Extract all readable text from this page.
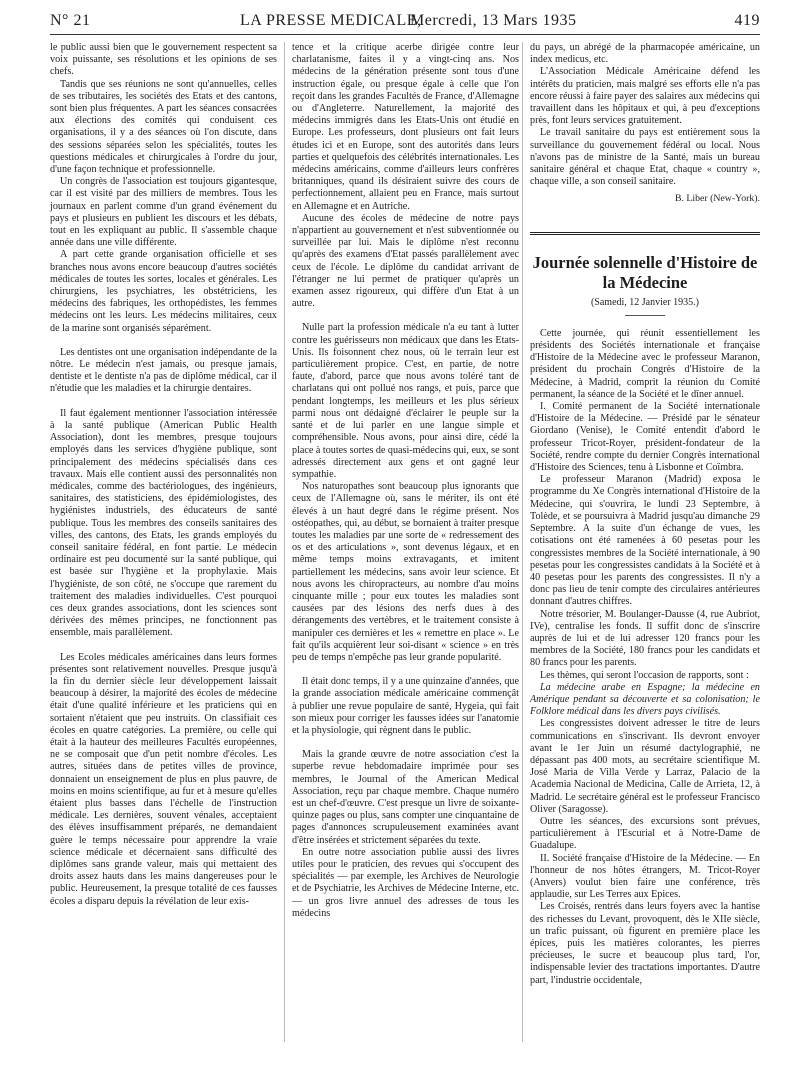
N° 21	LA PRESSE MEDICALE,
Mercredi, 13 Mars 1935	419

le public aussi bien que le gouvernement respectent sa voix puissante, ses résolutions et les opinions de ses chefs.

Tandis que ses réunions ne sont qu'annuelles, celles de ses tributaires, les sociétés des Etats et des cantons, sont bien plus fréquentes. A part les séances consacrées aux élections des comités qui conduisent ces organisations, il y a des séances où l'on discute, dans des sessions séparées selon les spécialités, toutes les questions médicales et chirurgicales à l'ordre du jour, d'une façon technique et professionnelle.

Un congrès de l'association est toujours gigantesque, car il est visité par des milliers de membres. Tous les journaux en parlent comme d'un grand événement du pays et plusieurs en publient les discours et les débats, tout en les expliquant au public. Il s'assemble chaque année dans une ville différente.

A part cette grande organisation officielle et ses branches nous avons encore beaucoup d'autres sociétés médicales de toutes les sortes, locales et générales. Les chirurgiens, les psychiatres, les obstétriciens, les médecins des fabriques, les orthopédistes, les femmes médecins ont les leurs. Les médecins militaires, ceux de la marine sont organisés séparément.

Les dentistes ont une organisation indépendante de la nôtre. Le médecin n'est jamais, ou presque jamais, dentiste et le dentiste n'a pas de diplôme médical, car il n'étudie que les maladies et la chirurgie dentaires.

Il faut également mentionner l'association intéressée à la santé publique (American Public Health Association), dont les membres, presque toujours employés dans les services d'hygiène publique, sont principalement des médecins spécialisés dans ces travaux. Mais elle contient aussi des personnalités non médicales, comme des bactériologues, des ingénieurs, sanitaires, des statisticiens, des épidémiologistes, des hygiénistes industriels, des éducateurs de santé publique. Tous les membres des conseils sanitaires des villes, des cantons, des Etats, les grands employés du conseil sanitaire fédéral, en font partie. Le médecin ordinaire est peu documenté sur la santé publique, qui est basée sur l'hygiène et la prophylaxie. Mais l'hygiéniste, de son côté, ne s'occupe que rarement du traitement des maladies individuelles. C'est pourquoi ces deux grandes associations, dont les sciences sont dérivées des mêmes principes, ne fonctionnent pas ensemble, mais parallèlement.

Les Ecoles médicales américaines dans leurs formes présentes sont relativement nouvelles. Presque jusqu'à la fin du dernier siècle leur développement laissait beaucoup à désirer, la majorité des écoles de médecine était d'une qualité inférieure et les praticiens qui en sortaient n'étaient que peu instruits. On classifiait ces écoles en quatre catégories. La première, ou celle qui était à la hauteur des meilleures Facultés européennes, ne se composait que d'un petit nombre d'écoles. Les autres, situées dans de petites villes de province, donnaient un enseignement de plus en plus pauvre, de moins en moins scientifique, au fur et à mesure qu'elles étaient plus basses dans l'échelle de l'instruction médicale. Les dernières, souvent vénales, acceptaient des élèves insuffisamment préparés, ne demandaient guère le temps nécessaire pour apprendre la vraie science médicale et décernaient sans difficulté des diplômes sans grande valeur, mais qui mettaient des droits assez hauts dans les mains dangereuses pour le public. Heureusement, la presque totalité de ces fausses écoles a disparu depuis la révélation de leur exis-

tence et la critique acerbe dirigée contre leur charlatanisme, faites il y a vingt-cinq ans. Nos médecins de la génération présente sont tous d'une instruction égale, ou presque égale à celle que l'on reçoit dans les grandes Facultés de France, d'Allemagne ou d'Angleterre. Naturellement, la majorité des médecins immigrés dans les Etats-Unis ont étudié en Europe. Les professeurs, dont plusieurs ont fait leurs études ici et en Europe, sont des autorités dans leurs parties et quelquefois des célébrités internationales. Les médecins américains, comme d'ailleurs leurs confrères britanniques, quand ils désiraient suivre des cours de perfectionnement, allaient peu en France, mais surtout en Allemagne et en Autriche.

Aucune des écoles de médecine de notre pays n'appartient au gouvernement et n'est subventionnée ou surveillée par lui. Mais le diplôme n'est reconnu qu'après des examens d'Etat passés parallèlement avec ceux de l'école. Le diplôme du candidat arrivant de l'étranger ne lui permet de pratiquer qu'après un examen assez rigoureux, qui diffère d'un Etat à un autre.

Nulle part la profession médicale n'a eu tant à lutter contre les guérisseurs non médicaux que dans les Etats-Unis. Ils foisonnent chez nous, où le terrain leur est particulièrement propice. C'est, en partie, de notre faute, d'abord, parce que nous avons toléré tant de charlatans qui ont pollué nos rangs, et puis, parce que pendant longtemps, les meilleurs et les plus sérieux parmi nous ont dédaigné d'éclairer le peuple sur la santé et de lui parler en une langue simple et compréhensible. Nous avons, pour ainsi dire, cédé la place à toutes sortes de quasi-médecins qui, eux, se sont adressés directement aux gens et ont gagné leur sympathie.

Nos naturopathes sont beaucoup plus ignorants que ceux de l'Allemagne où, sans le mériter, ils ont été élevés à un haut degré dans le régime présent. Nos ostéopathes, qui, au début, se bornaient à traiter presque toutes les maladies par une sorte de « redressement des os et des articulations », sont devenus légaux, et en même temps moins extravagants, et imitent partiellement les médecins, sans avoir leur science. Et nous avons les chiropracteurs, au nombre d'au moins cinquante mille ; pour eux toutes les maladies sont causées par des lésions des nerfs dues à des dérangements des vertèbres, et le traitement consiste à manipuler ces dernières et les « remettre en place ». Le fait qu'ils acquièrent leur soi-disant « science » en très peu de temps n'empêche pas leur grande popularité.

Il était donc temps, il y a une quinzaine d'années, que la grande association médicale américaine commençât à publier une revue populaire de santé, Hygeia, qui fait son mieux pour corriger les fausses idées sur l'anatomie et la physiologie, qui règnent dans le public.

Mais la grande œuvre de notre association c'est la superbe revue hebdomadaire imprimée pour ses membres, le Journal of the American Medical Association, reçu par chaque membre. Chaque numéro est un chef-d'œuvre. C'est presque un livre de soixante-quinze pages ou plus, sans compter une cinquantaine de pages d'annonces scrupuleusement examinées avant d'être insérées et strictement séparées du texte.

En outre notre association publie aussi des livres utiles pour le praticien, des revues qui s'occupent des spécialités — par exemple, les Archives de Neurologie et de Psychiatrie, les Archives de Médecine Interne, etc. — un gros livre annuel des adresses de tous les médecins

du pays, un abrégé de la pharmacopée américaine, un index medicus, etc.

L'Association Médicale Américaine défend les intérêts du praticien, mais malgré ses efforts elle n'a pas encore réussi à faire payer des salaires aux médecins qui travaillent dans les hôpitaux et qui, à peu d'exceptions près, font leurs services gratuitement.

Le travail sanitaire du pays est entièrement sous la surveillance du gouvernement fédéral ou local. Nous n'avons pas de ministre de la Santé, mais un bureau sanitaire général et chaque Etat, chaque « country », chaque ville, a son conseil sanitaire.

B. Liber (New-York).
Journée solennelle d'Histoire de la Médecine
(Samedi, 12 Janvier 1935.)

Cette journée, qui réunit essentiellement les présidents des Sociétés internationale et française d'Histoire de la Médecine avec le professeur Maranon, président du prochain Congrès d'Histoire de la Médecine, à Madrid, comprit la réunion du Comité permanent, la séance de la Société et le dîner annuel.

I. Comité permanent de la Société internationale d'Histoire de la Médecine. — Présidé par le sénateur Giordano (Venise), le Comité entendit d'abord le professeur Tricot-Royer, président-fondateur de la Société, rendre compte du dernier Congrès international d'Histoire des Sciences, tenu à Lisbonne et Coïmbra.

Le professeur Maranon (Madrid) exposa le programme du Xe Congrès international d'Histoire de la Médecine, qui s'ouvrira, le lundi 23 Septembre, à Tolède, et se poursuivra à Madrid jusqu'au dimanche 29 Septembre. A la suite d'un échange de vues, les cotisations ont été ramenées à 60 pesetas pour les congressistes membres de la Société internationale, à 90 pesetas pour les congressistes candidats à la Société et à 40 pesetas pour les parents des congressistes. Il n'y a donc pas lieu de tenir compte des circulaires antérieures donnant d'autres chiffres.

Notre trésorier, M. Boulanger-Dausse (4, rue Aubriot, IVe), centralise les fonds. Il suffit donc de s'inscrire auprès de lui et de lui adresser 120 francs pour les membres de la Société, 180 francs pour les candidats et 80 francs pour les parents.

Les thèmes, qui seront l'occasion de rapports, sont :

La médecine arabe en Espagne; la médecine en Amérique pendant sa découverte et sa colonisation; le Folklore médical dans les divers pays civilisés.

Les congressistes doivent adresser le titre de leurs communications en s'inscrivant. Ils devront envoyer avant le 1er Juin un résumé dactylographié, ne dépassant pas 400 mots, au secrétaire scientifique M. José Maria de Villa Verde y Larraz, Palacio de la Academia Nacional de Medicina, Calle de Arrieta, 12, à Madrid. Le secrétaire général est le professeur Francisco Oliver (Saragosse).

Outre les séances, des excursions sont prévues, particulièrement à l'Escurial et à Notre-Dame de Guadalupe.

II. Société française d'Histoire de la Médecine. — En l'honneur de nos hôtes étrangers, M. Tricot-Royer (Anvers) voulut bien faire une conférence, très applaudie, sur Les Terres aux Epices.

Les Croisés, rentrés dans leurs foyers avec la hantise des richesses du Levant, provoquent, dès le XIIe siècle, un trafic puissant, où figurent en première place les épices, puis les matières colorantes, les pierres précieuses, le sucre et beaucoup plus tard, l'or, indispensable levier des tractations importantes. D'autre part, l'industrie occidentale,
